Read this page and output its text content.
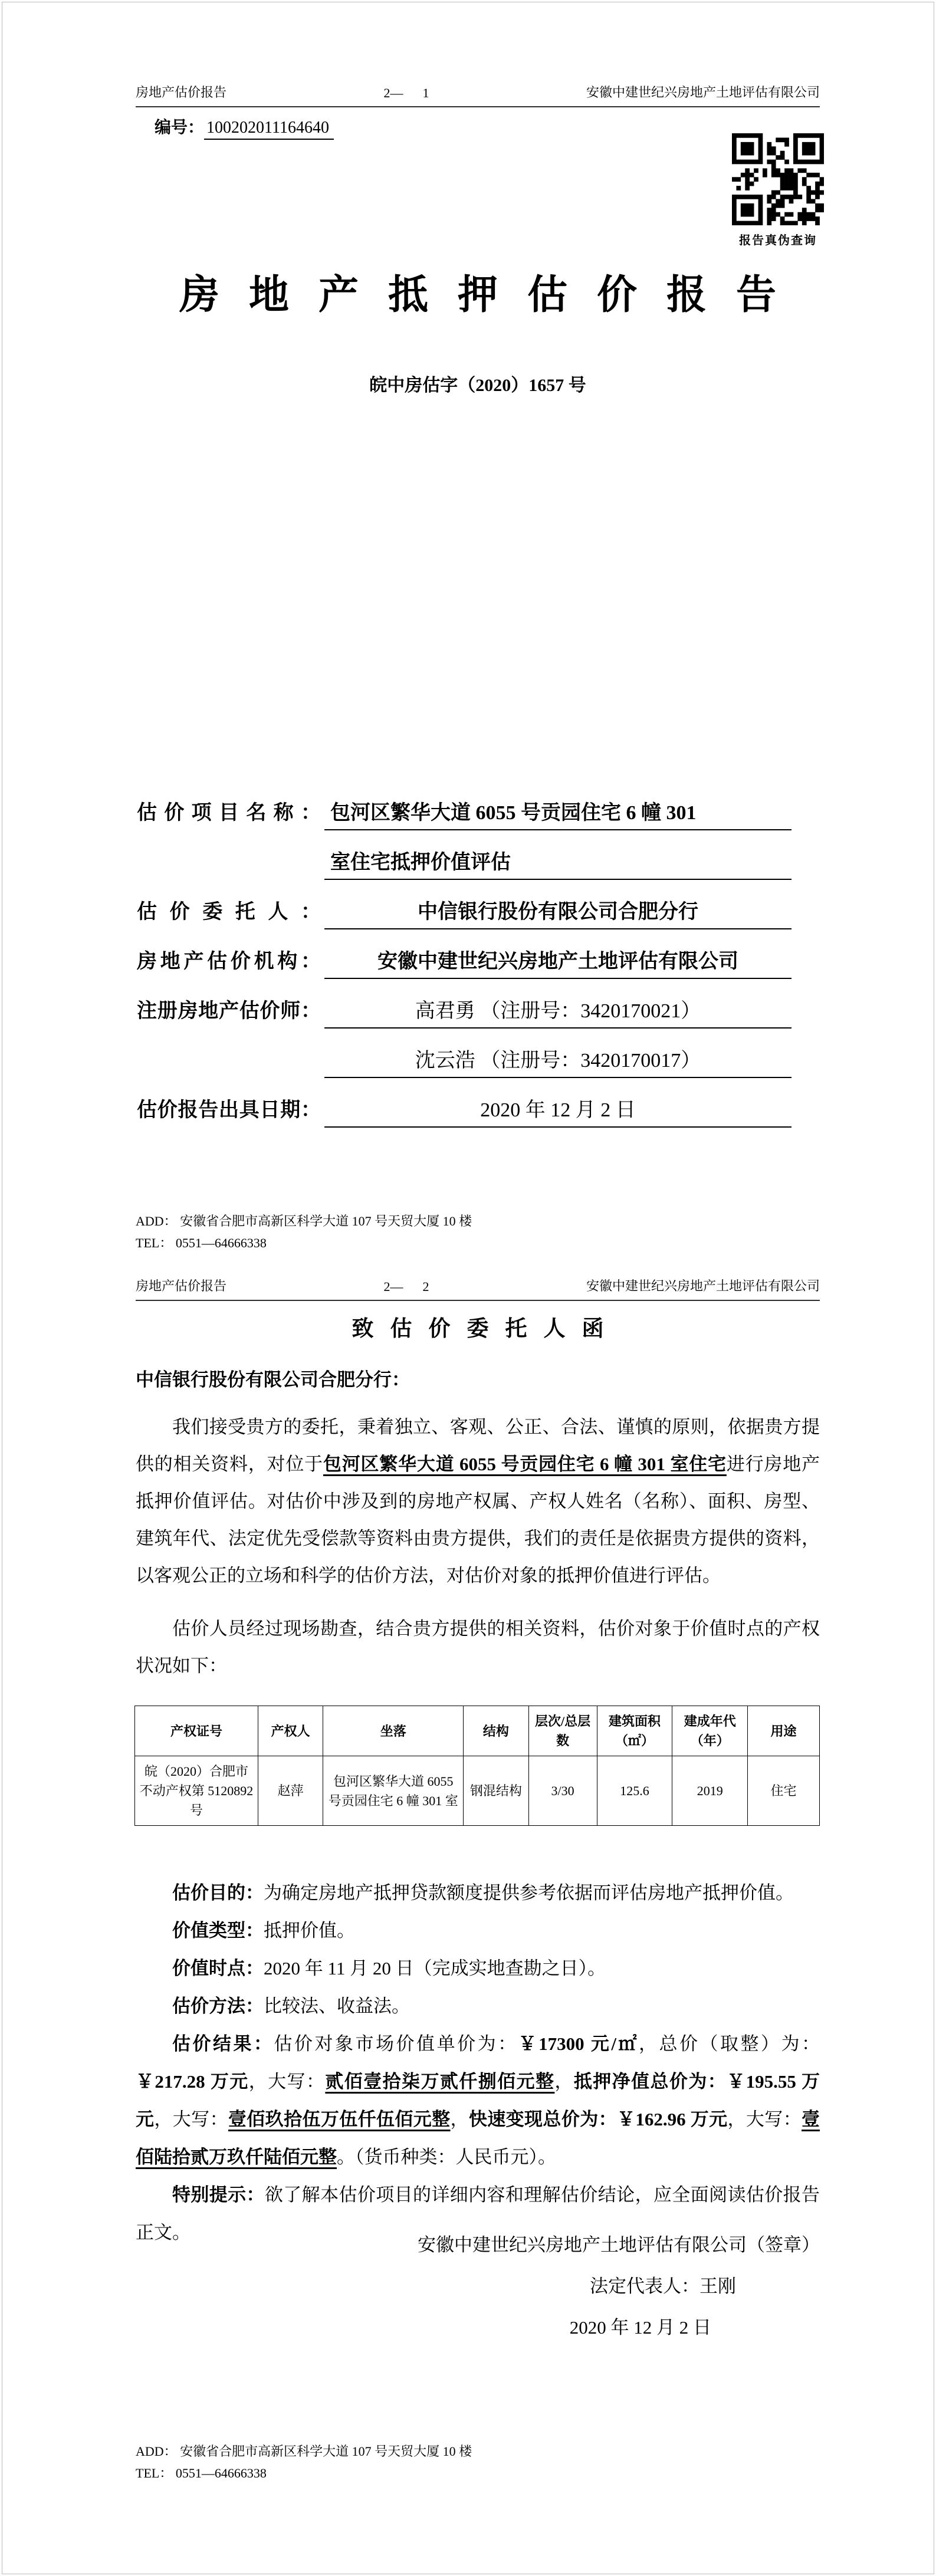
房地产估价报告	2—      1	安徽中建世纪兴房地产土地评估有限公司
编号： 100202011164640
报告真伪查询
房地产抵押估价报告
皖中房估字（2020）1657 号
估价项目名称： 包河区繁华大道 6055 号贡园住宅 6 幢 301
室住宅抵押价值评估
估价委托人：	中信银行股份有限公司合肥分行
房地产估价机构：	安徽中建世纪兴房地产土地评估有限公司
注册房地产估价师：	高君勇 （注册号：3420170021）
沈云浩 （注册号：3420170017）
估价报告出具日期：	2020 年 12 月 2 日
ADD： 安徽省合肥市高新区科学大道 107 号天贸大厦 10 楼
TEL： 0551—64666338
房地产估价报告	2—      2	安徽中建世纪兴房地产土地评估有限公司
致估价委托人函
中信银行股份有限公司合肥分行：

我们接受贵方的委托，秉着独立、客观、公正、合法、谨慎的原则，依据贵方提供的相关资料，对位于包河区繁华大道 6055 号贡园住宅 6 幢 301 室住宅进行房地产抵押价值评估。对估价中涉及到的房地产权属、产权人姓名（名称）、面积、房型、建筑年代、法定优先受偿款等资料由贵方提供，我们的责任是依据贵方提供的资料，以客观公正的立场和科学的估价方法，对估价对象的抵押价值进行评估。

估价人员经过现场勘查，结合贵方提供的相关资料，估价对象于价值时点的产权状况如下：

产权证号	产权人	坐落	结构	层次/总层数	建筑面积（㎡）	建成年代（年）	用途
皖（2020）合肥市不动产权第 5120892 号	赵萍	包河区繁华大道 6055 号贡园住宅 6 幢 301 室	钢混结构	3/30	125.6	2019	住宅

估价目的：为确定房地产抵押贷款额度提供参考依据而评估房地产抵押价值。

价值类型：抵押价值。

价值时点：2020 年 11 月 20 日（完成实地查勘之日）。

估价方法：比较法、收益法。

估价结果：估价对象市场价值单价为：￥17300 元/㎡，总价（取整）为：￥217.28 万元，大写：贰佰壹拾柒万贰仟捌佰元整，抵押净值总价为：￥195.55 万元，大写：壹佰玖拾伍万伍仟伍佰元整，快速变现总价为：￥162.96 万元，大写：壹佰陆拾贰万玖仟陆佰元整。（货币种类：人民币元）。

特别提示：欲了解本估价项目的详细内容和理解估价结论，应全面阅读估价报告正文。

安徽中建世纪兴房地产土地评估有限公司（签章）
法定代表人：王刚
2020 年 12 月 2 日
ADD： 安徽省合肥市高新区科学大道 107 号天贸大厦 10 楼
TEL： 0551—64666338
